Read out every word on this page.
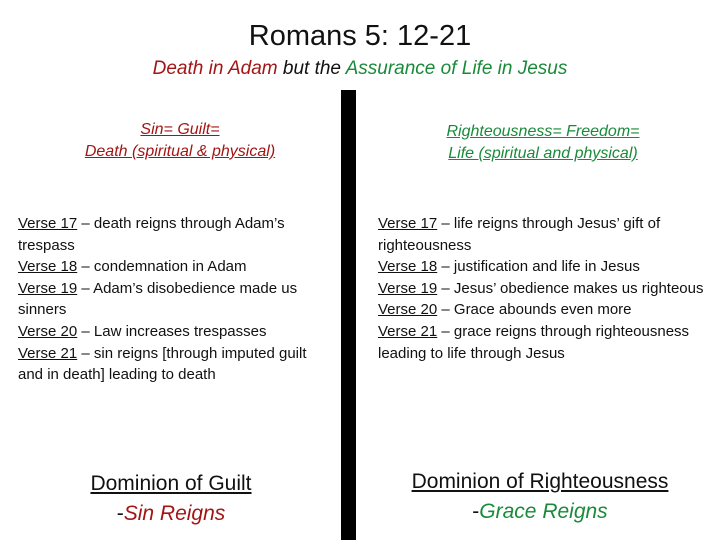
Romans 5: 12-21
Death in Adam but the Assurance of Life in Jesus
Sin= Guilt=
Death (spiritual & physical)
Verse 17 – death reigns through Adam’s trespass
Verse 18 – condemnation in Adam
Verse 19 – Adam’s disobedience made us sinners
Verse 20 – Law increases trespasses
Verse 21 – sin reigns [through imputed guilt and in death] leading to death
Dominion of Guilt
-Sin Reigns
Righteousness= Freedom=
Life (spiritual and physical)
Verse 17 – life reigns through Jesus’ gift of righteousness
Verse 18 – justification and life in Jesus
Verse 19 – Jesus’ obedience makes us righteous
Verse 20 – Grace abounds even more
Verse 21 – grace reigns through righteousness leading to life through Jesus
Dominion of Righteousness
-Grace Reigns
